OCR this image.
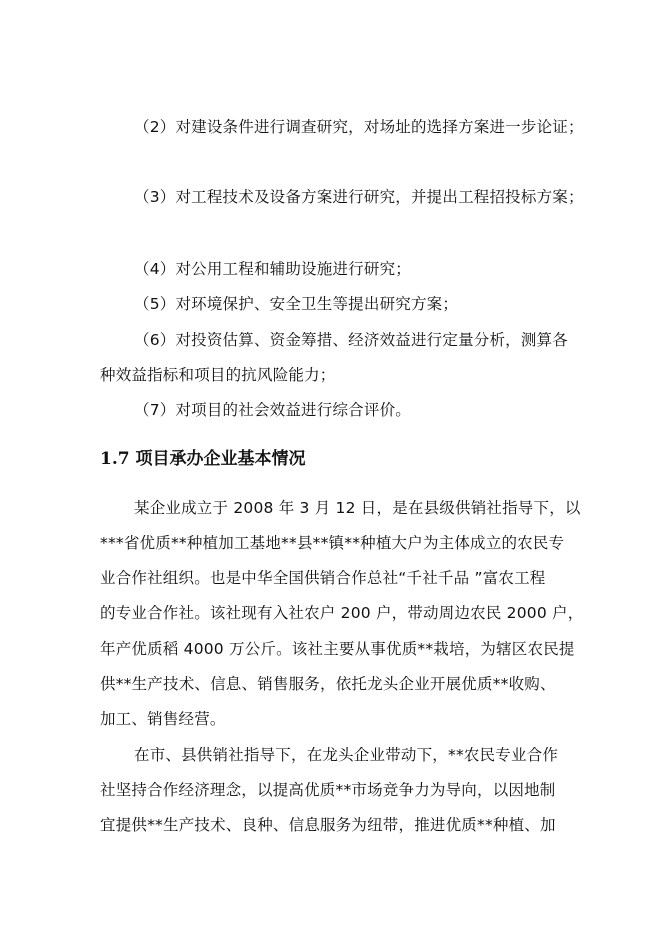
（2）对建设条件进行调查研究，对场址的选择方案进一步论证；
（3）对工程技术及设备方案进行研究，并提出工程招投标方案；
（4）对公用工程和辅助设施进行研究；
（5）对环境保护、安全卫生等提出研究方案；
（6）对投资估算、资金筹措、经济效益进行定量分析，测算各
种效益指标和项目的抗风险能力；
（7）对项目的社会效益进行综合评价。
1.7 项目承办企业基本情况
某企业成立于 2008 年 3 月 12 日，是在县级供销社指导下，以
***省优质**种植加工基地**县**镇**种植大户为主体成立的农民专
业合作社组织。也是中华全国供销合作总社“千社千品 ”富农工程
的专业合作社。该社现有入社农户 200 户，带动周边农民 2000 户，
年产优质稻 4000 万公斤。该社主要从事优质**栽培，为辖区农民提
供**生产技术、信息、销售服务，依托龙头企业开展优质**收购、
加工、销售经营。
在市、县供销社指导下，在龙头企业带动下，**农民专业合作
社坚持合作经济理念，以提高优质**市场竞争力为导向，以因地制
宜提供**生产技术、良种、信息服务为纽带，推进优质**种植、加
